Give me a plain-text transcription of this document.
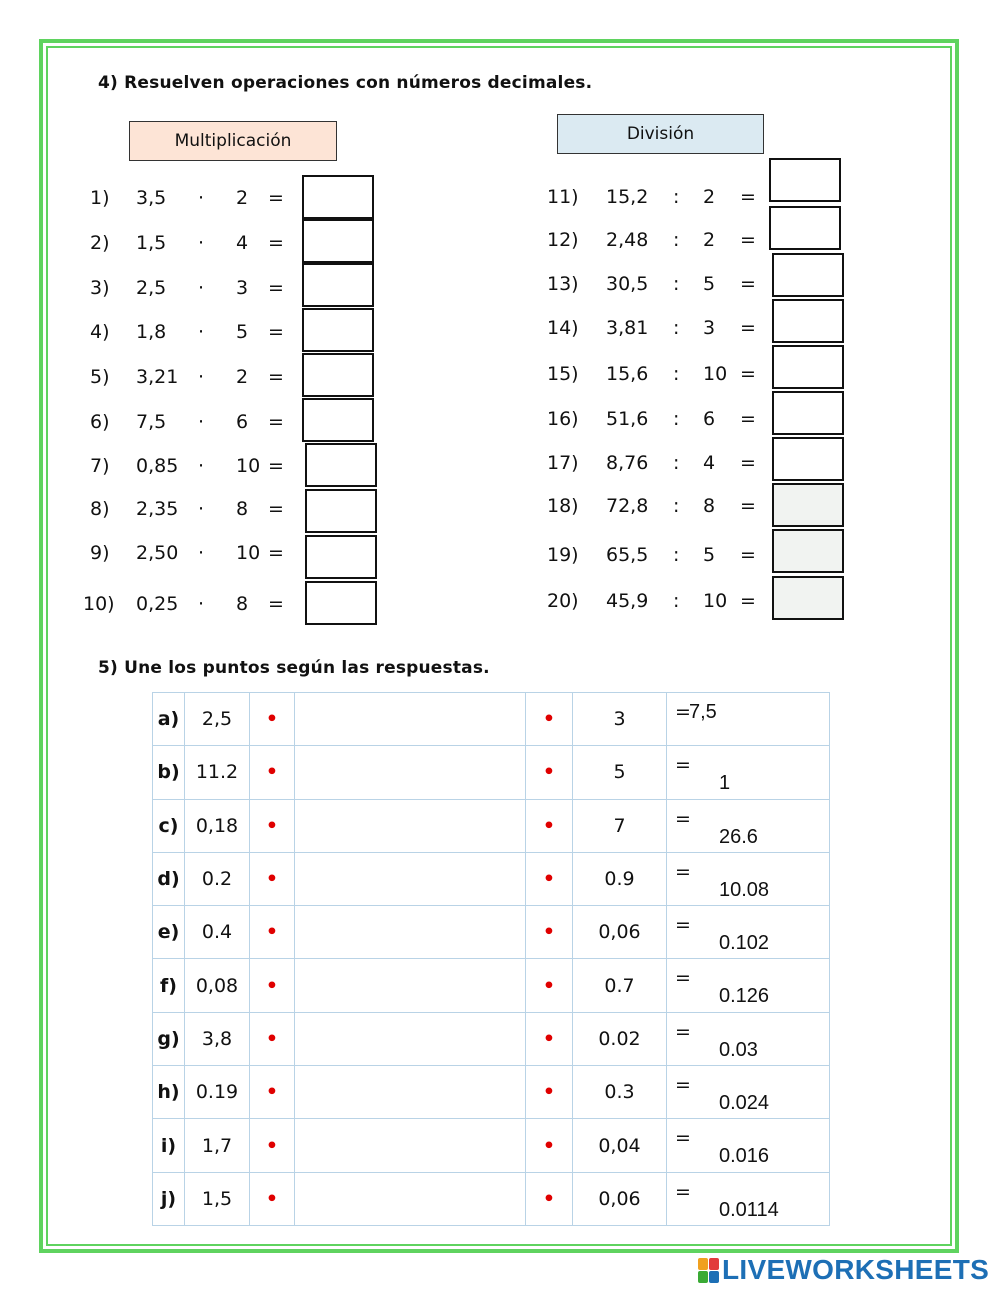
4) Resuelven operaciones con números decimales.
Multiplicación	División
1) 3,5 · 2 =	11) 15,2 : 2 =
2) 1,5 · 4 =	12) 2,48 : 2 =
3) 2,5 · 3 =	13) 30,5 : 5 =
4) 1,8 · 5 =	14) 3,81 : 3 =
5) 3,21 · 2 =	15) 15,6 : 10 =
6) 7,5 · 6 =	16) 51,6 : 6 =
7) 0,85 · 10 =	17) 8,76 : 4 =
8) 2,35 · 8 =	18) 72,8 : 8 =
9) 2,50 · 10 =	19) 65,5 : 5 =
10) 0,25 · 8 =	20) 45,9 : 10 =
5) Une los puntos según las respuestas.
a)	2,5	•		•	3	=
7,5

b)	11.2	•		•	5	=
1

c)	0,18	•		•	7	=
26.6

d)	0.2	•		•	0.9	=
10.08

e)	0.4	•		•	0,06	=
0.102

f)	0,08	•		•	0.7	=
0.126

g)	3,8	•		•	0.02	=
0.03

h)	0.19	•		•	0.3	=
0.024

i)	1,7	•		•	0,04	=
0.016

j)	1,5	•		•	0,06	=
0.0114
LIVEWORKSHEETS
